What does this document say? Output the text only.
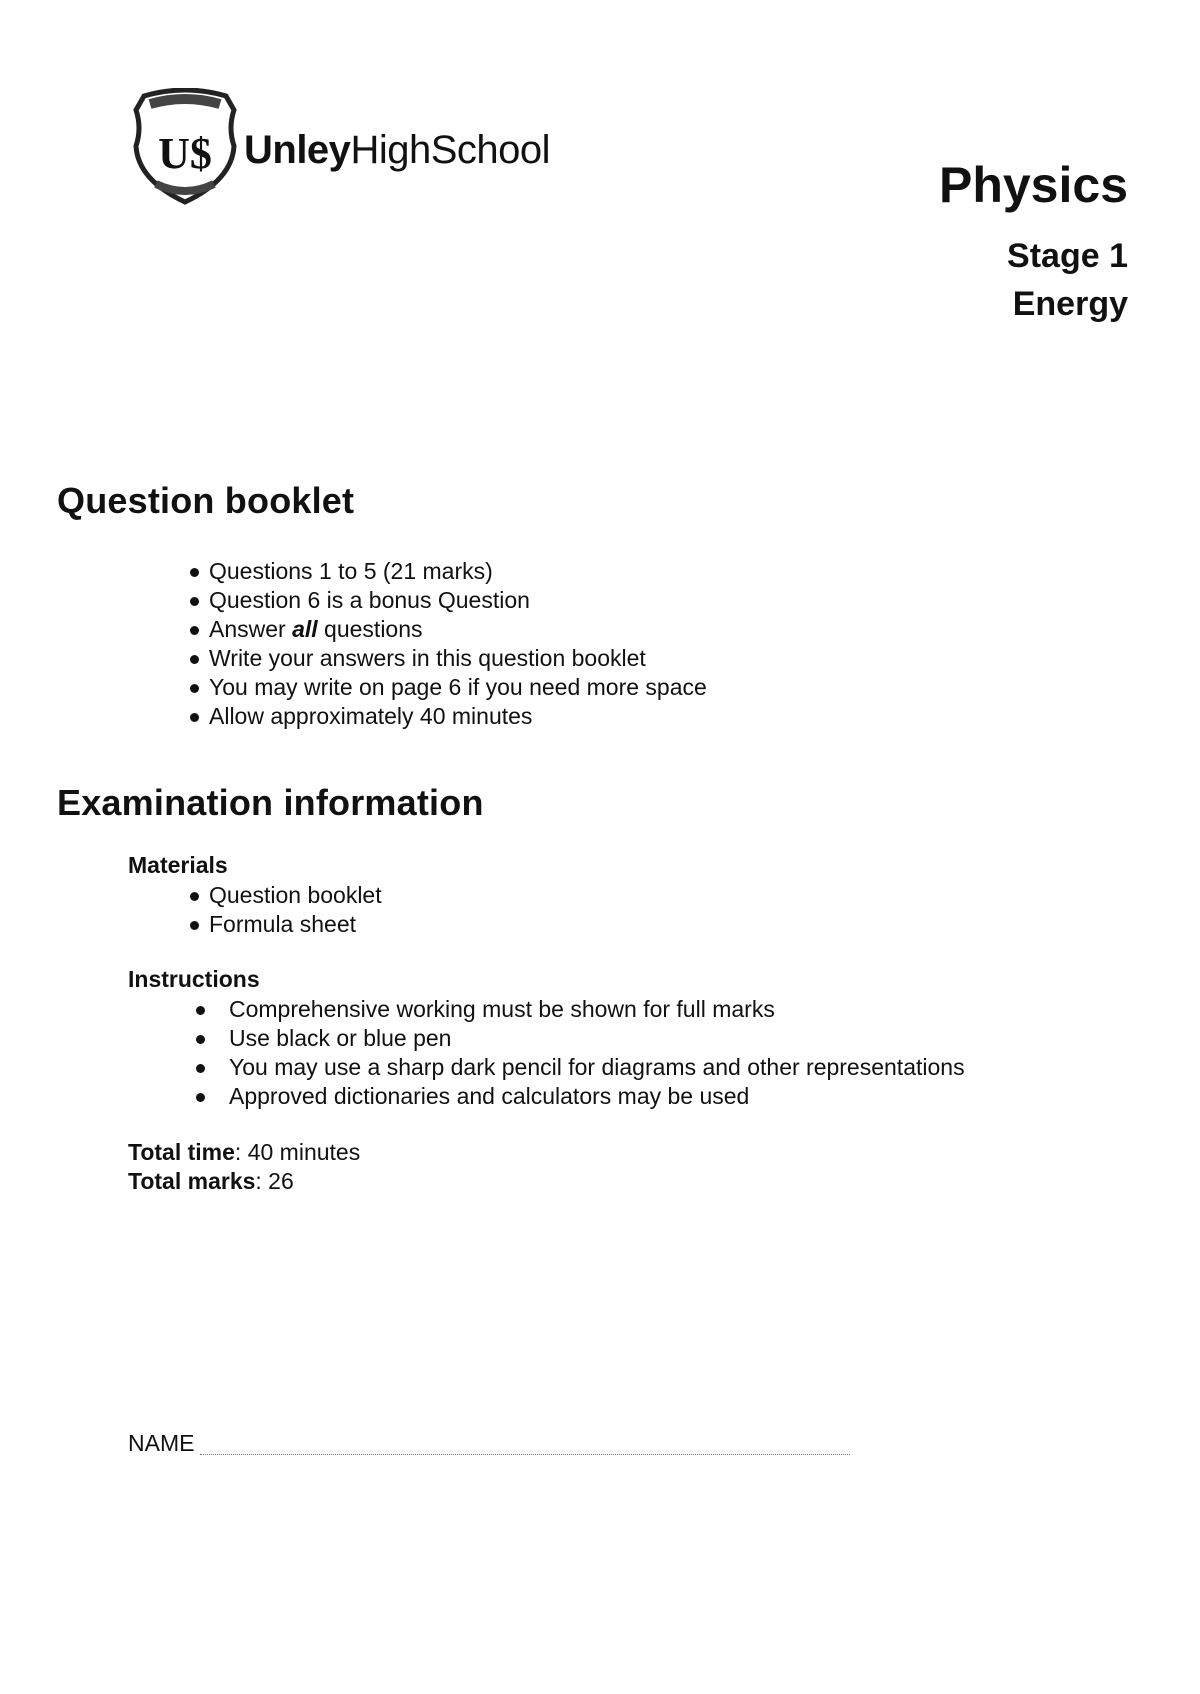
U$ UnleyHighSchool

Physics

Stage 1

Energy

Question booklet
Questions 1 to 5 (21 marks)
Question 6 is a bonus Question
Answer all questions
Write your answers in this question booklet
You may write on page 6 if you need more space
Allow approximately 40 minutes
Examination information

Materials

Question booklet
Formula sheet

Instructions

Comprehensive working must be shown for full marks
Use black or blue pen
You may use a sharp dark pencil for diagrams and other representations
Approved dictionaries and calculators may be used

Total time: 40 minutes

Total marks: 26

NAME
